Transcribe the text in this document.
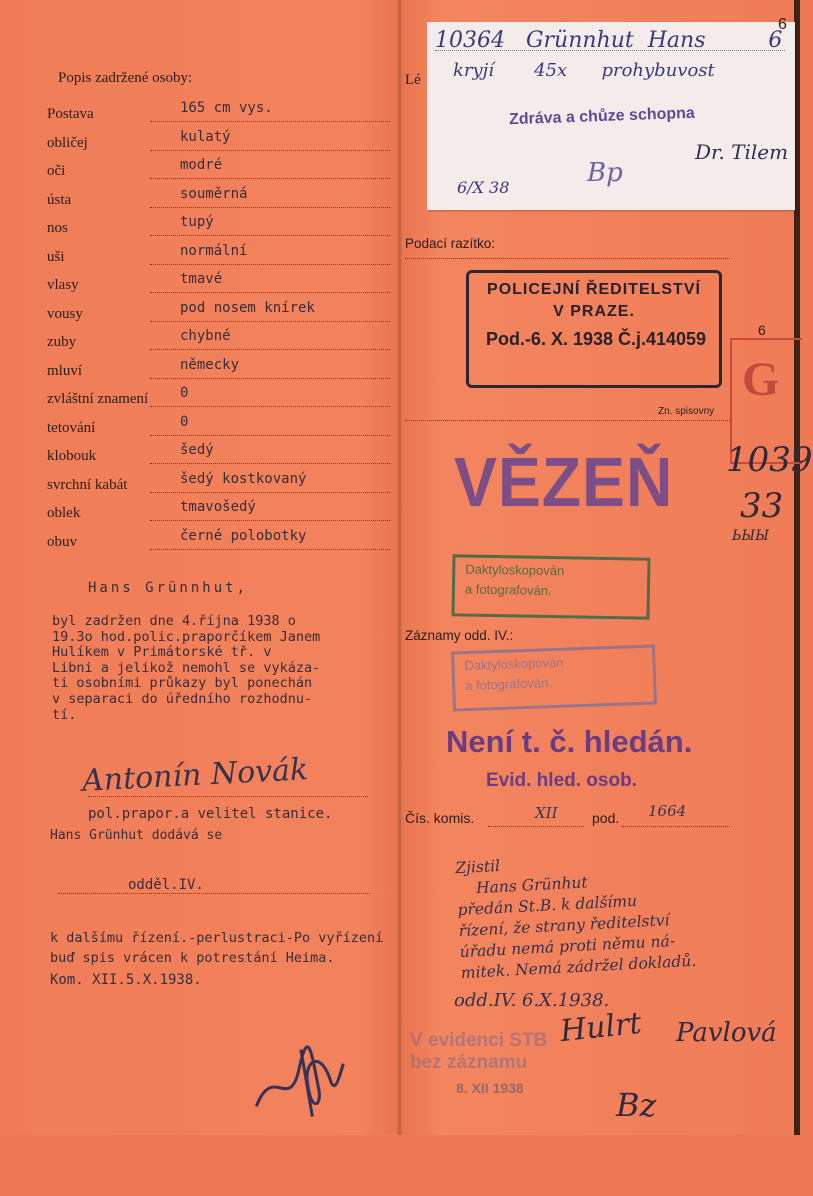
Popis zadržené osoby:
Postava	165 cm vys.
obličej	kulatý
oči	modré
ústa	souměrná
nos	tupý
uši	normální
vlasy	tmavé
vousy	pod nosem knírek
zuby	chybné
mluví	německy
zvláštní znamení 0
tetování	0
klobouk	šedý
svrchní kabát	šedý kostkovaný
oblek	tmavošedý
obuv	černé polobotky
Hans Grünnhut,
byl zadržen dne 4.října 1938 o
19.3o hod.polic.praporčíkem Janem
Hulíkem v Primátorské tř. v
Libni a jelikož nemohl se vykáza-
ti osobními průkazy byl ponechán
v separaci do úředního rozhodnu-
tí.
Antonín Novák
pol.prapor.a velitel stanice.
Hans Grünhut dodává se
odděl.IV.
k dalšímu řízení.-perlustraci-Po vyřízení
buď spis vrácen k potrestání Heima.
Kom. XII.5.X.1938.

10364   Grünnhut  Hans         6
kryjí       45x      prohybuvost
Zdráva a chůze schopna
Bp
Dr. Tilem
6/X 38
Lé
6
Podací razítko:
POLICEJNÍ ŘEDITELSTVÍ
V PRAZE.
Pod.-6. X. 1938 Č.j.414059	6
G
Zn. spisovny
1039
33
ЬЫЫ
VĚZEŇ
Daktyloskopován
a fotografován.
Záznamy odd. IV.:
Daktyloskopován
a fotografován.
Není t. č. hledán.
Evid. hled. osob.
Čís. komis.	XII pod. 1664
Zjistil
Hans Grünhut
předán St.B. k dalšímu
řízení, že strany ředitelství
úřadu nemá proti němu ná-
mitek. Nemá zádržel dokladů.
odd.IV. 6.X.1938.
V evidenci STB
bez záznamu
8. XII 1938
Hulrt Pavlová
Bz
